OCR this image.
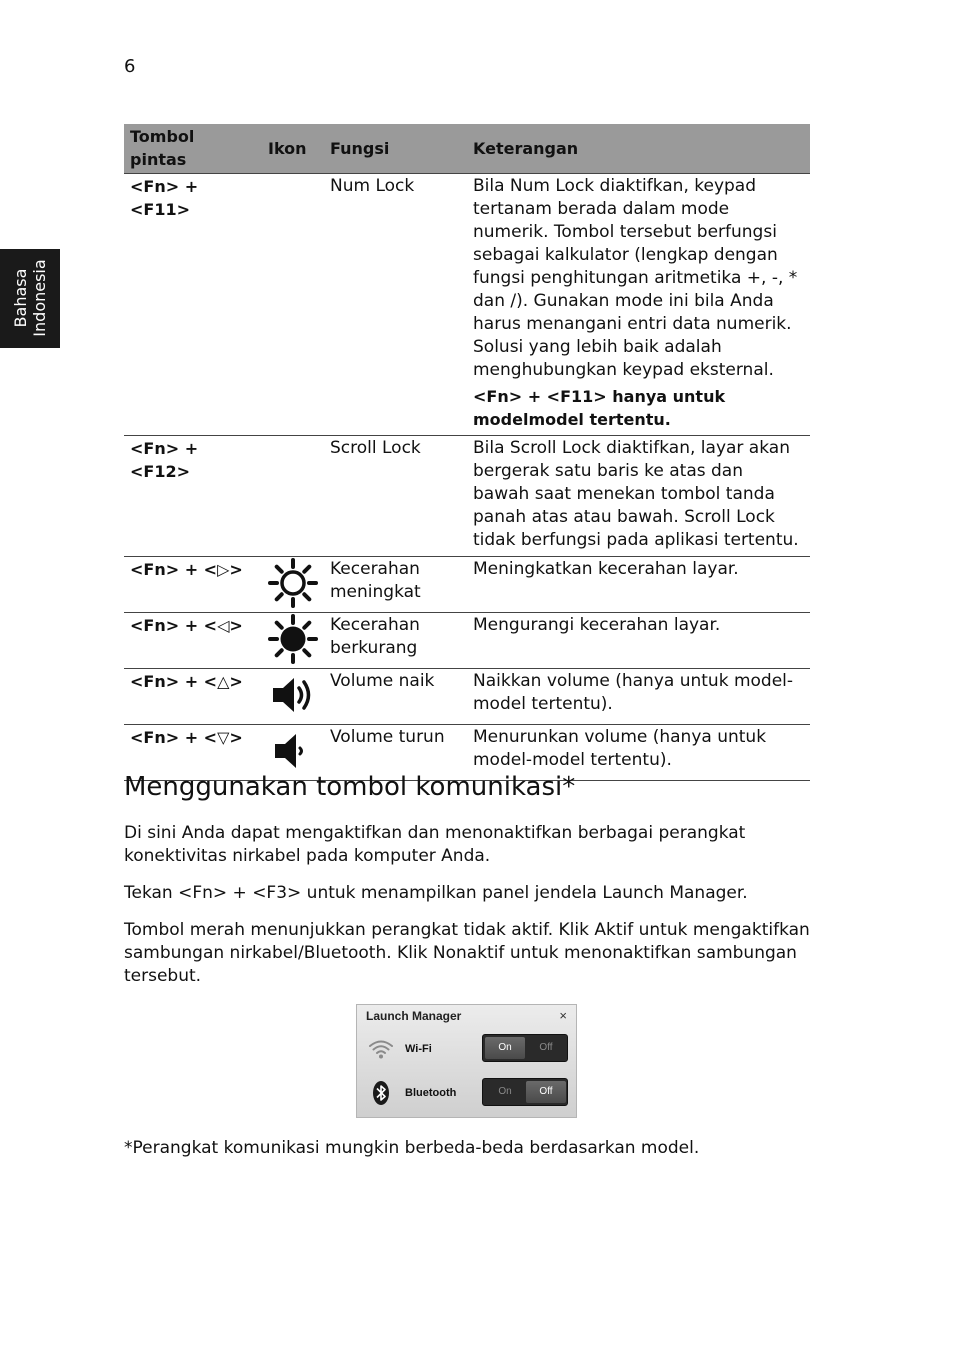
6
Bahasa Indonesia
Tombol pintas	Ikon	Fungsi	Keterangan
<Fn> + <F11>		Num Lock	Bila Num Lock diaktifkan, keypad tertanam berada dalam mode numerik. Tombol tersebut berfungsi sebagai kalkulator (lengkap dengan fungsi penghitungan aritmetika +, -, * dan /). Gunakan mode ini bila Anda harus menangani entri data numerik. Solusi yang lebih baik adalah menghubungkan keypad eksternal.
<Fn> + <F11> hanya untuk modelmodel tertentu.

<Fn> + <F12>		Scroll Lock	Bila Scroll Lock diaktifkan, layar akan bergerak satu baris ke atas dan bawah saat menekan tombol tanda panah atas atau bawah. Scroll Lock tidak berfungsi pada aplikasi tertentu.
<Fn> + <▷>		Kecerahan meningkat	Meningkatkan kecerahan layar.
<Fn> + <◁>		Kecerahan berkurang	Mengurangi kecerahan layar.
<Fn> + <△>		Volume naik	Naikkan volume (hanya untuk model-model tertentu).
<Fn> + <▽>		Volume turun	Menurunkan volume (hanya untuk model-model tertentu).
Menggunakan tombol komunikasi*

Di sini Anda dapat mengaktifkan dan menonaktifkan berbagai perangkat konektivitas nirkabel pada komputer Anda.

Tekan <Fn> + <F3> untuk menampilkan panel jendela Launch Manager.

Tombol merah menunjukkan perangkat tidak aktif. Klik Aktif untuk mengaktifkan sambungan nirkabel/Bluetooth. Klik Nonaktif untuk menonaktifkan sambungan tersebut.

Launch Manager	×
Wi-Fi	On	Off
Bluetooth	On	Off
*Perangkat komunikasi mungkin berbeda-beda berdasarkan model.
